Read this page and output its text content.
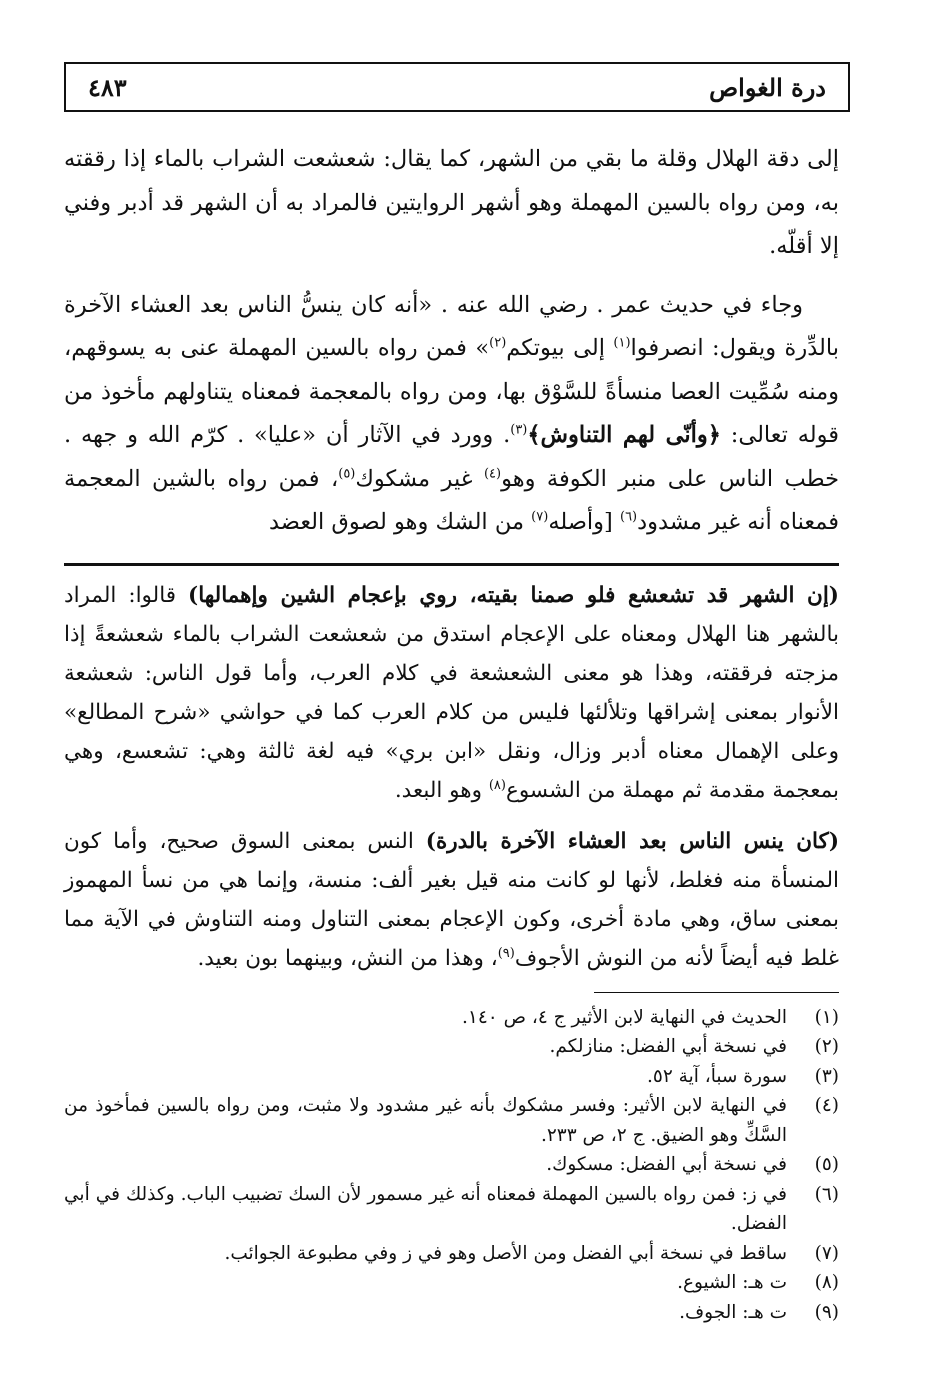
٤٨٣	درة الغواص

إلى دقة الهلال وقلة ما بقي من الشهر، كما يقال: شعشعت الشراب بالماء إذا رققته به، ومن رواه بالسين المهملة وهو أشهر الروايتين فالمراد به أن الشهر قد أدبر وفني إلا أقلّه.

وجاء في حديث عمر . رضي الله عنه . «أنه كان ينسُّ الناس بعد العشاء الآخرة بالدِّرة ويقول: انصرفوا$^{(١)}$ إلى بيوتكم$^{(٢)}$» فمن رواه بالسين المهملة عنى به يسوقهم، ومنه سُمِّيت العصا منسأةً للسَّوْق بها، ومن رواه بالمعجمة فمعناه يتناولهم مأخوذ من قوله تعالى: ﴿وأنّى لهم التناوش﴾$^{(٣)}$. وورد في الآثار أن «عليا» . كرّم الله و جهه . خطب الناس على منبر الكوفة وهو$^{(٤)}$ غير مشكوك$^{(٥)}$، فمن رواه بالشين المعجمة فمعناه أنه غير مشدود$^{(٦)}$ [وأصله$^{(٧)}$ من الشك وهو لصوق العضد

(إن الشهر قد تشعشع فلو صمنا بقيته، روي بإعجام الشين وإهمالها) قالوا: المراد بالشهر هنا الهلال ومعناه على الإعجام استدق من شعشعت الشراب بالماء شعشعةً إذا مزجته فرققته، وهذا هو معنى الشعشعة في كلام العرب، وأما قول الناس: شعشعة الأنوار بمعنى إشراقها وتلألئها فليس من كلام العرب كما في حواشي «شرح المطالع» وعلى الإهمال معناه أدبر وزال، ونقل «ابن بري» فيه لغة ثالثة وهي: تشعسع، وهي بمعجمة مقدمة ثم مهملة من الشسوع$^{(٨)}$ وهو البعد.

(كان ينس الناس بعد العشاء الآخرة بالدرة) النس بمعنى السوق صحيح، وأما كون المنسأة منه فغلط، لأنها لو كانت منه قيل بغير ألف: منسة، وإنما هي من نسأ المهموز بمعنى ساق، وهي مادة أخرى، وكون الإعجام بمعنى التناول ومنه التناوش في الآية مما غلط فيه أيضاً لأنه من النوش الأجوف$^{(٩)}$، وهذا من النش، وبينهما بون بعيد.

(١)
الحديث في النهاية لابن الأثير ج ٤، ص ١٤٠.
(٢)
في نسخة أبي الفضل: منازلكم.
(٣)
سورة سبأ، آية ٥٢.
(٤)
في النهاية لابن الأثير: وفسر مشكوك بأنه غير مشدود ولا مثبت، ومن رواه بالسين فمأخوذ من السَّكِّ وهو الضيق. ج ٢، ص ٢٣٣.
(٥)
في نسخة أبي الفضل: مسكوك.
(٦)
في ز: فمن رواه بالسين المهملة فمعناه أنه غير مسمور لأن السك تضبيب الباب. وكذلك في أبي الفضل.
(٧)
ساقط في نسخة أبي الفضل ومن الأصل وهو في ز وفي مطبوعة الجوائب.
(٨)
ت هـ: الشيوع.
(٩)
ت هـ: الجوف.
